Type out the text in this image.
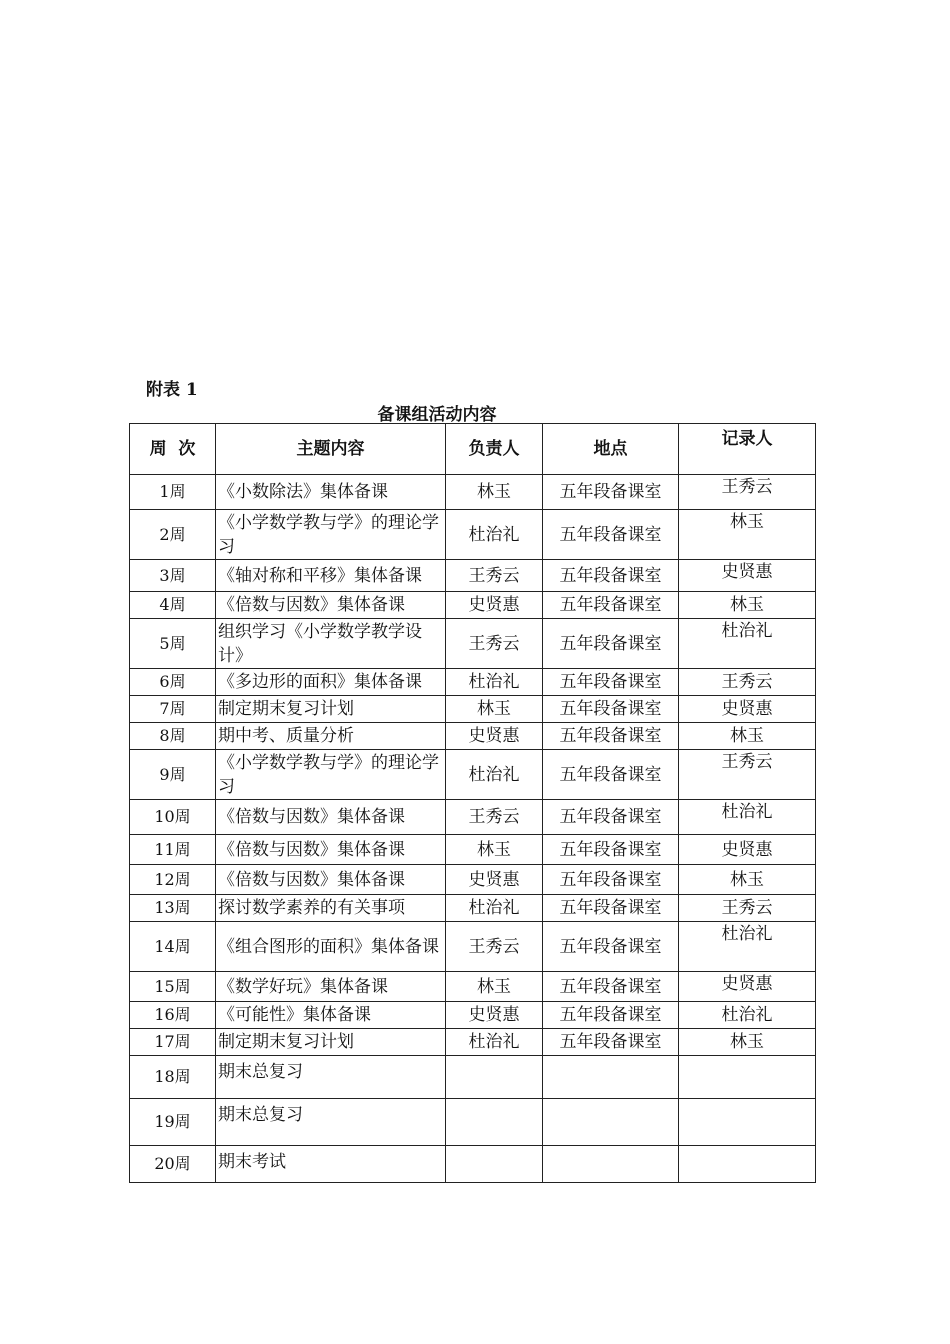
附表 1
备课组活动内容
周  次	主题内容	负责人	地点	记录人
1周	《小数除法》集体备课	林玉	五年段备课室	王秀云
2周	《小学数学教与学》的理论学习	杜治礼	五年段备课室	林玉
3周	《轴对称和平移》集体备课	王秀云	五年段备课室	史贤惠
4周	《倍数与因数》集体备课	史贤惠	五年段备课室	林玉
5周	组织学习《小学数学教学设计》	王秀云	五年段备课室	杜治礼
6周	《多边形的面积》集体备课	杜治礼	五年段备课室	王秀云
7周	制定期末复习计划	林玉	五年段备课室	史贤惠
8周	期中考、质量分析	史贤惠	五年段备课室	林玉
9周	《小学数学教与学》的理论学习	杜治礼	五年段备课室	王秀云
10周	《倍数与因数》集体备课	王秀云	五年段备课室	杜治礼
11周	《倍数与因数》集体备课	林玉	五年段备课室	史贤惠
12周	《倍数与因数》集体备课	史贤惠	五年段备课室	林玉
13周	探讨数学素养的有关事项	杜治礼	五年段备课室	王秀云
14周	《组合图形的面积》集体备课	王秀云	五年段备课室	杜治礼
15周	《数学好玩》集体备课	林玉	五年段备课室	史贤惠
16周	《可能性》集体备课	史贤惠	五年段备课室	杜治礼
17周	制定期末复习计划	杜治礼	五年段备课室	林玉
18周	期末总复习			
19周	期末总复习			
20周	期末考试			
